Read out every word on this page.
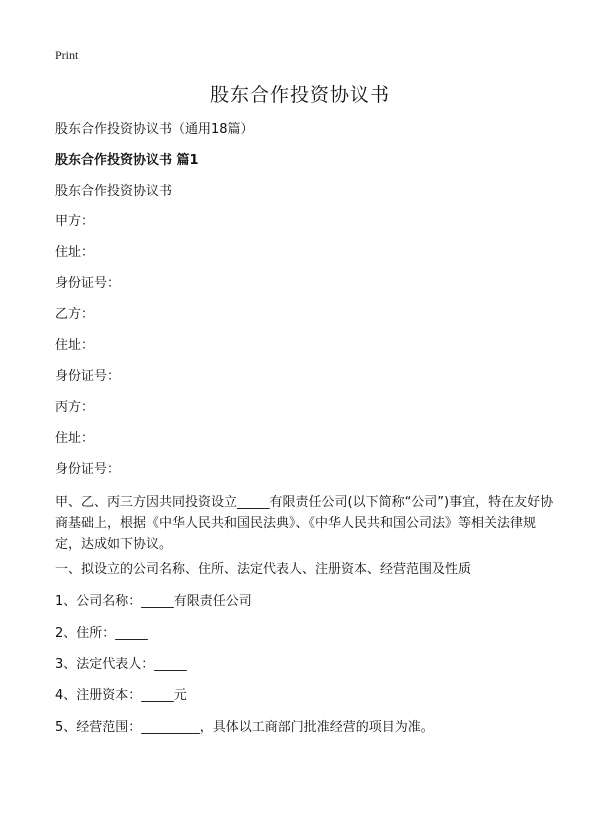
Print
股东合作投资协议书
股东合作投资协议书（通用18篇）
股东合作投资协议书 篇1
股东合作投资协议书
甲方：
住址：
身份证号：
乙方：
住址：
身份证号：
丙方：
住址：
身份证号：

甲、乙、丙三方因共同投资设立_____有限责任公司(以下简称“公司”)事宜，特在友好协商基础上，根据《中华人民共和国民法典》、《中华人民共和国公司法》等相关法律规定，达成如下协议。

一、拟设立的公司名称、住所、法定代表人、注册资本、经营范围及性质
1、公司名称：_____有限责任公司
2、住所：_____
3、法定代表人：_____
4、注册资本：_____元
5、经营范围：_________，具体以工商部门批准经营的项目为准。
